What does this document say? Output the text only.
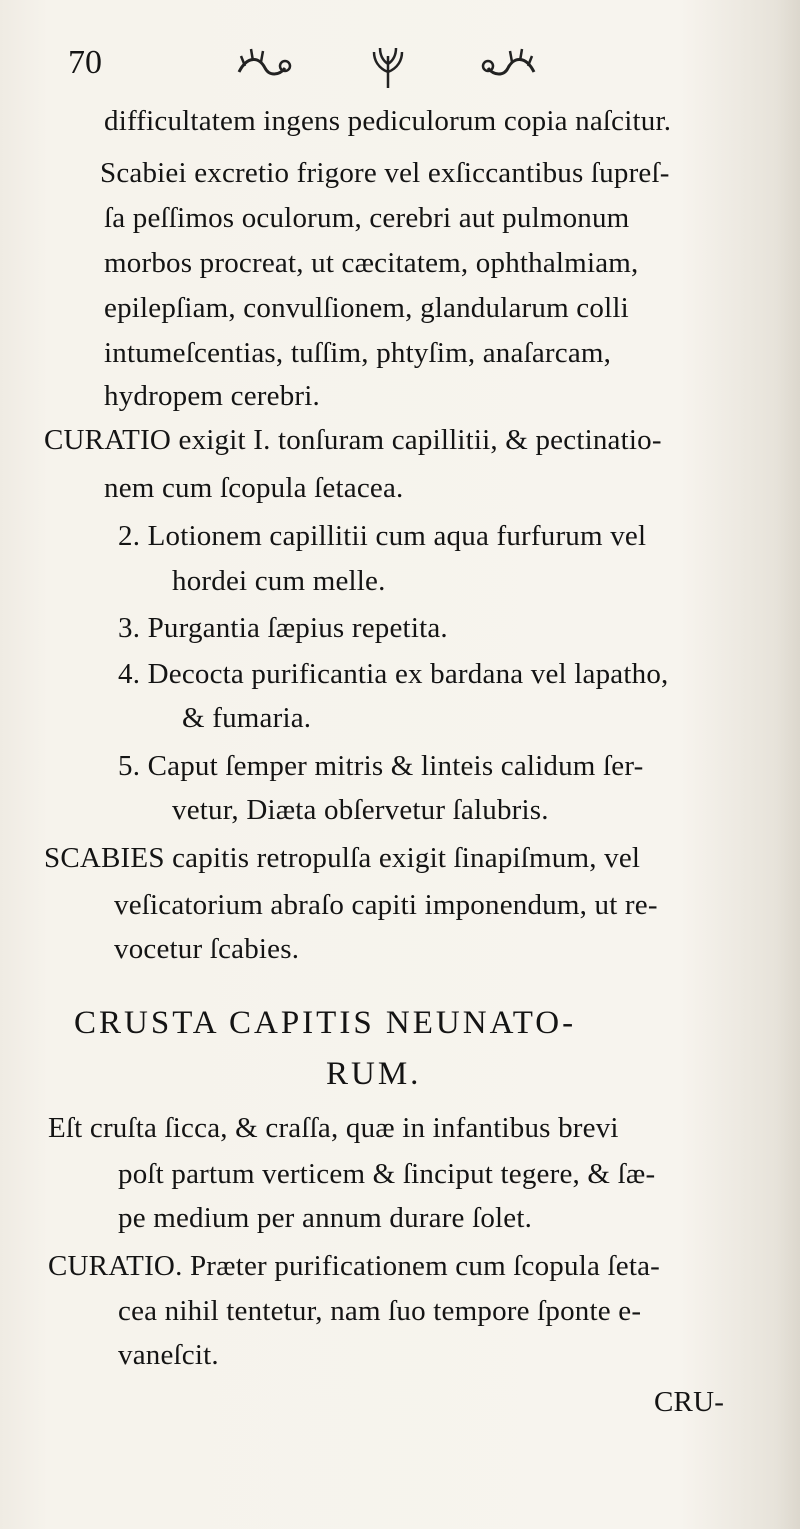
70
difficultatem ingens pediculorum copia naſcitur.
Scabiei excretio frigore vel exſiccantibus ſupreſ-
ſa peſſimos oculorum, cerebri aut pulmonum
morbos procreat, ut cæcitatem, ophthalmiam,
epilepſiam, convulſionem, glandularum colli
intumeſcentias, tuſſim, phtyſim, anaſarcam,
hydropem cerebri.
CURATIO exigit I. tonſuram capillitii, & pectinatio-
nem cum ſcopula ſetacea.
2. Lotionem capillitii cum aqua furfurum vel
hordei cum melle.
3. Purgantia ſæpius repetita.
4. Decocta purificantia ex bardana vel lapatho,
& fumaria.
5. Caput ſemper mitris & linteis calidum ſer-
vetur, Diæta obſervetur ſalubris.
SCABIES capitis retropulſa exigit ſinapiſmum, vel
veſicatorium abraſo capiti imponendum, ut re-
vocetur ſcabies.
CRUSTA CAPITIS NEUNATO-
RUM.
Eſt cruſta ſicca, & craſſa, quæ in infantibus brevi
poſt partum verticem & ſinciput tegere, & ſæ-
pe medium per annum durare ſolet.
CURATIO. Præter purificationem cum ſcopula ſeta-
cea nihil tentetur, nam ſuo tempore ſponte e-
vaneſcit.
CRU-
